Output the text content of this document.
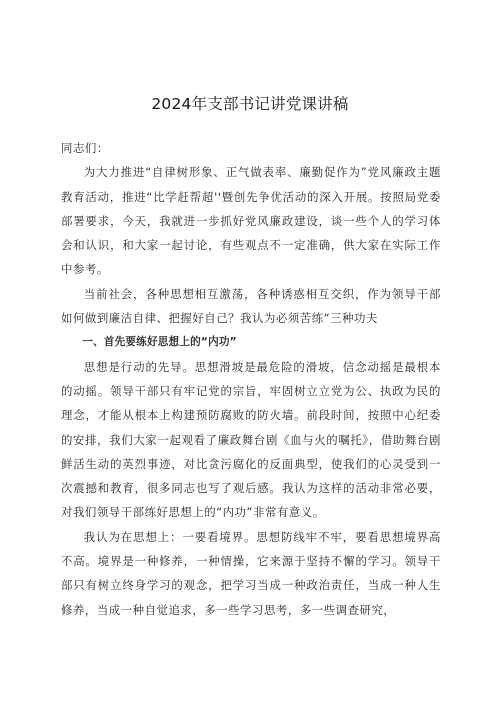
2024年支部书记讲党课讲稿

同志们：

为大力推进“自律树形象、正气做表率、廉勤促作为”党风廉政主题教育活动，推进“比学赶帮超''暨创先争优活动的深入开展。按照局党委部署要求，今天，我就进一步抓好党风廉政建设，谈一些个人的学习体会和认识，和大家一起讨论，有些观点不一定准确，供大家在实际工作中参考。

当前社会，各种思想相互激荡，各种诱惑相互交织，作为领导干部如何做到廉洁自律、把握好自己？我认为必须苦练“三种功夫

一、首先要练好思想上的“内功”

思想是行动的先导。思想滑坡是最危险的滑坡，信念动摇是最根本的动摇。领导干部只有牢记党的宗旨，牢固树立立党为公、执政为民的理念，才能从根本上构建预防腐败的防火墙。前段时间，按照中心纪委的安排，我们大家一起观看了廉政舞台剧《血与火的嘱托》，借助舞台剧鲜活生动的英烈事迹，对比贪污腐化的反面典型，使我们的心灵受到一次震撼和教育，很多同志也写了观后感。我认为这样的活动非常必要，对我们领导干部练好思想上的“内功”非常有意义。

我认为在思想上：一要看境界。思想防线牢不牢，要看思想境界高不高。境界是一种修养，一种情操，它来源于坚持不懈的学习。领导干部只有树立终身学习的观念，把学习当成一种政治责任，当成一种人生修养，当成一种自觉追求，多一些学习思考，多一些调查研究，
